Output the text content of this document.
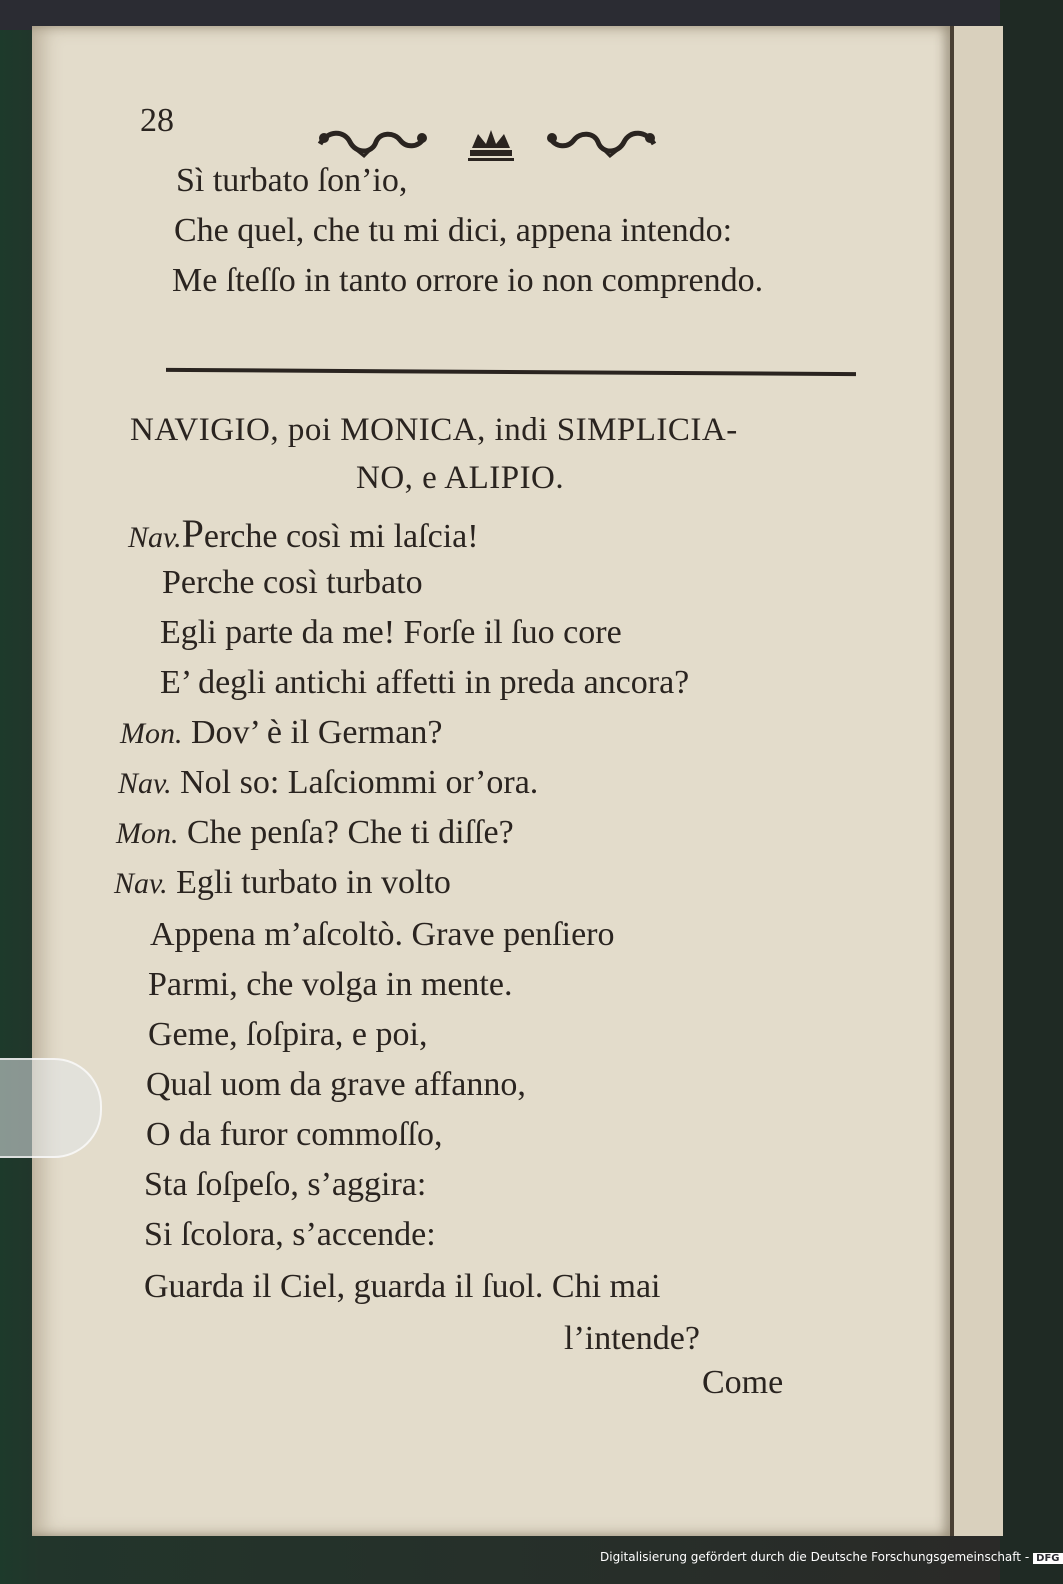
28
Sì turbato ſon’io,
Che quel, che tu mi dici, appena intendo:
Me ſteſſo in tanto orrore io non comprendo.
NAVIGIO, poi MONICA, indi SIMPLICIA-
NO, e ALIPIO.
Nav.Perche così mi laſcia!
Perche così turbato
Egli parte da me! Forſe il ſuo core
E’ degli antichi affetti in preda ancora?
Mon. Dov’ è il German?
Nav. Nol so: Laſciommi or’ora.
Mon. Che penſa? Che ti diſſe?
Nav. Egli turbato in volto
Appena m’aſcoltò. Grave penſiero
Parmi, che volga in mente.
Geme, ſoſpira, e poi,
Qual uom da grave affanno,
O da furor commoſſo,
Sta ſoſpeſo, s’aggira:
Si ſcolora, s’accende:
Guarda il Ciel, guarda il ſuol. Chi mai
l’intende?
Come
Digitalisierung gefördert durch die Deutsche Forschungsgemeinschaft - DFG
